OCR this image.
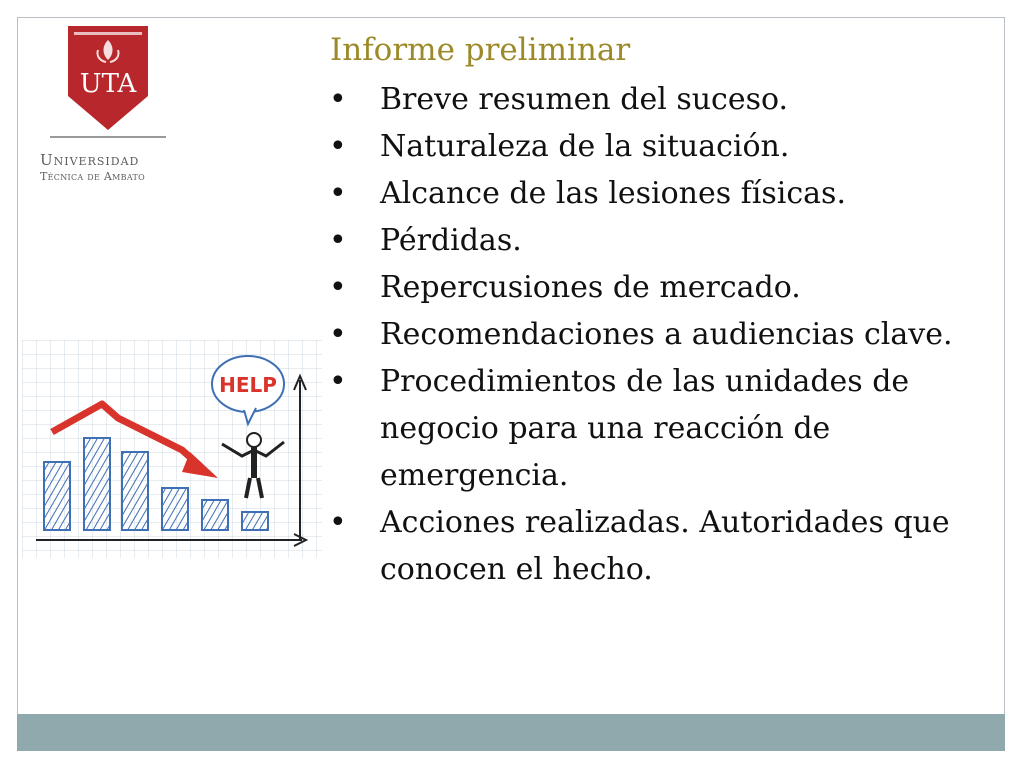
UTA
Universidad
Técnica de Ambato
HELP
Informe preliminar
• Breve resumen del suceso.
• Naturaleza de la situación.
• Alcance de las lesiones físicas.
• Pérdidas.
• Repercusiones de mercado.
• Recomendaciones a audiencias clave.
• Procedimientos de las unidades de negocio para una reacción de emergencia.
• Acciones realizadas. Autoridades que conocen el hecho.
